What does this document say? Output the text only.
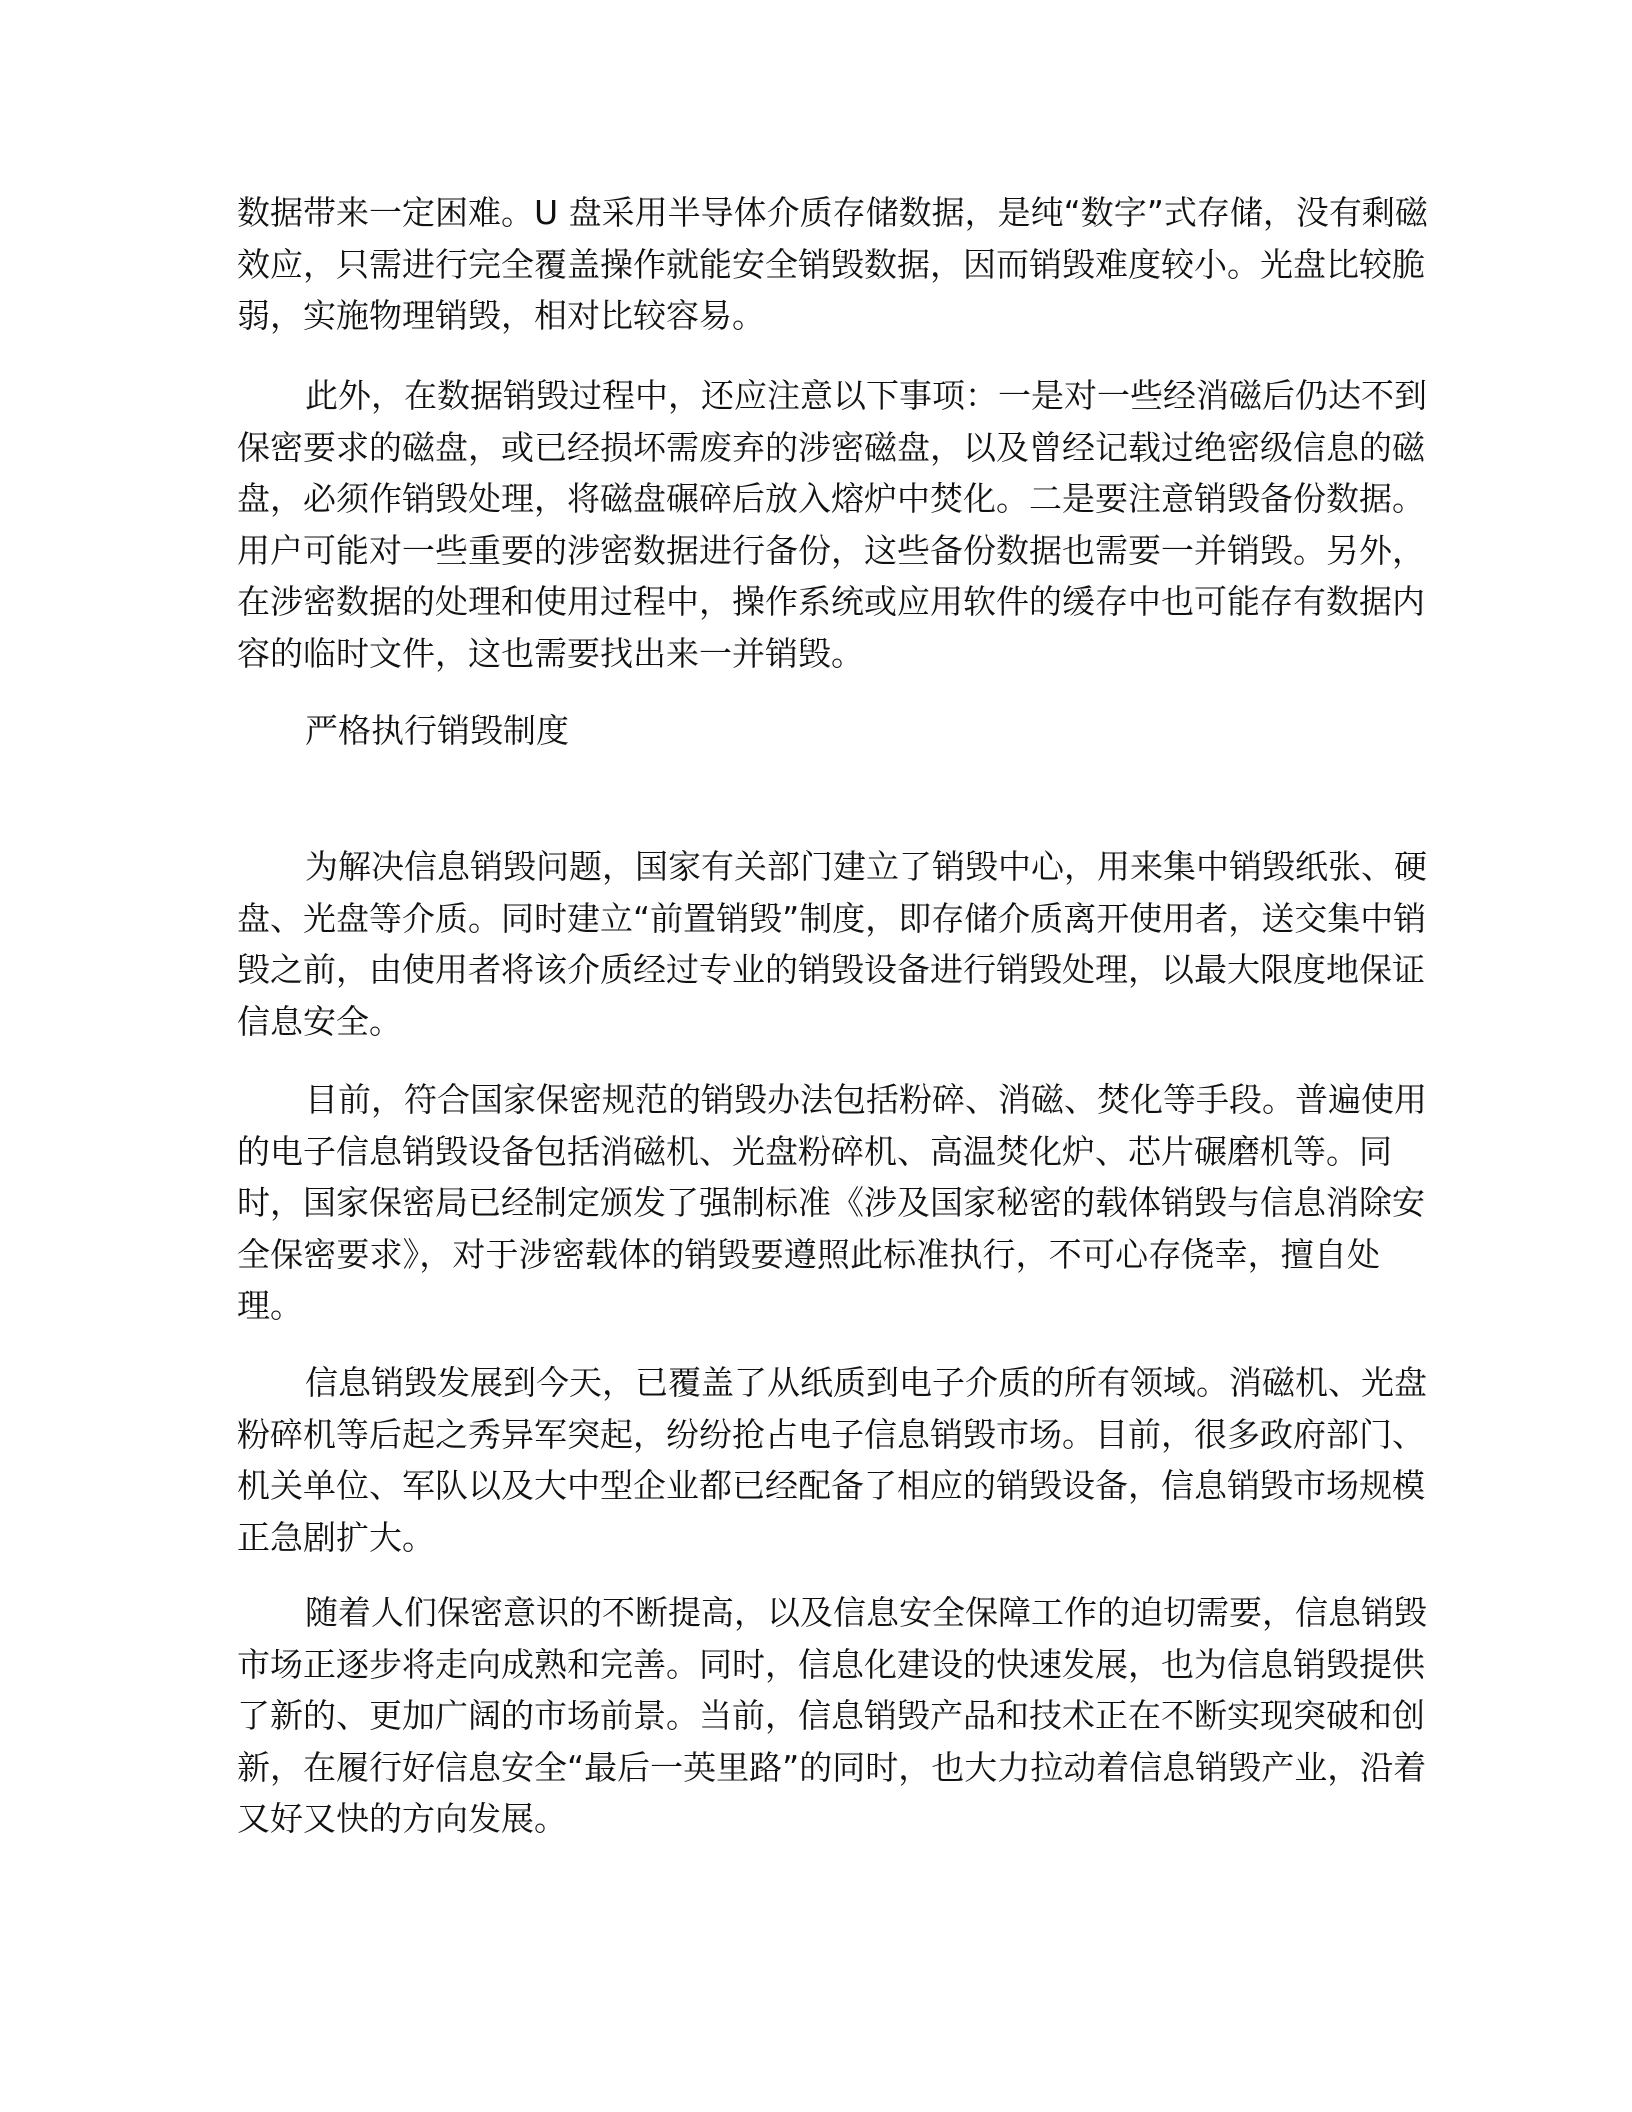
数据带来一定困难。U 盘采用半导体介质存储数据，是纯“数字”式存储，没有剩磁
效应，只需进行完全覆盖操作就能安全销毁数据，因而销毁难度较小。光盘比较脆
弱，实施物理销毁，相对比较容易。
此外，在数据销毁过程中，还应注意以下事项：一是对一些经消磁后仍达不到
保密要求的磁盘，或已经损坏需废弃的涉密磁盘，以及曾经记载过绝密级信息的磁
盘，必须作销毁处理，将磁盘碾碎后放入熔炉中焚化。二是要注意销毁备份数据。
用户可能对一些重要的涉密数据进行备份，这些备份数据也需要一并销毁。另外，
在涉密数据的处理和使用过程中，操作系统或应用软件的缓存中也可能存有数据内
容的临时文件，这也需要找出来一并销毁。
严格执行销毁制度
为解决信息销毁问题，国家有关部门建立了销毁中心，用来集中销毁纸张、硬
盘、光盘等介质。同时建立“前置销毁”制度，即存储介质离开使用者，送交集中销
毁之前，由使用者将该介质经过专业的销毁设备进行销毁处理，以最大限度地保证
信息安全。
目前，符合国家保密规范的销毁办法包括粉碎、消磁、焚化等手段。普遍使用
的电子信息销毁设备包括消磁机、光盘粉碎机、高温焚化炉、芯片碾磨机等。同
时，国家保密局已经制定颁发了强制标准《涉及国家秘密的载体销毁与信息消除安
全保密要求》，对于涉密载体的销毁要遵照此标准执行，不可心存侥幸，擅自处
理。
信息销毁发展到今天，已覆盖了从纸质到电子介质的所有领域。消磁机、光盘
粉碎机等后起之秀异军突起，纷纷抢占电子信息销毁市场。目前，很多政府部门、
机关单位、军队以及大中型企业都已经配备了相应的销毁设备，信息销毁市场规模
正急剧扩大。
随着人们保密意识的不断提高，以及信息安全保障工作的迫切需要，信息销毁
市场正逐步将走向成熟和完善。同时，信息化建设的快速发展，也为信息销毁提供
了新的、更加广阔的市场前景。当前，信息销毁产品和技术正在不断实现突破和创
新，在履行好信息安全“最后一英里路”的同时，也大力拉动着信息销毁产业，沿着
又好又快的方向发展。
